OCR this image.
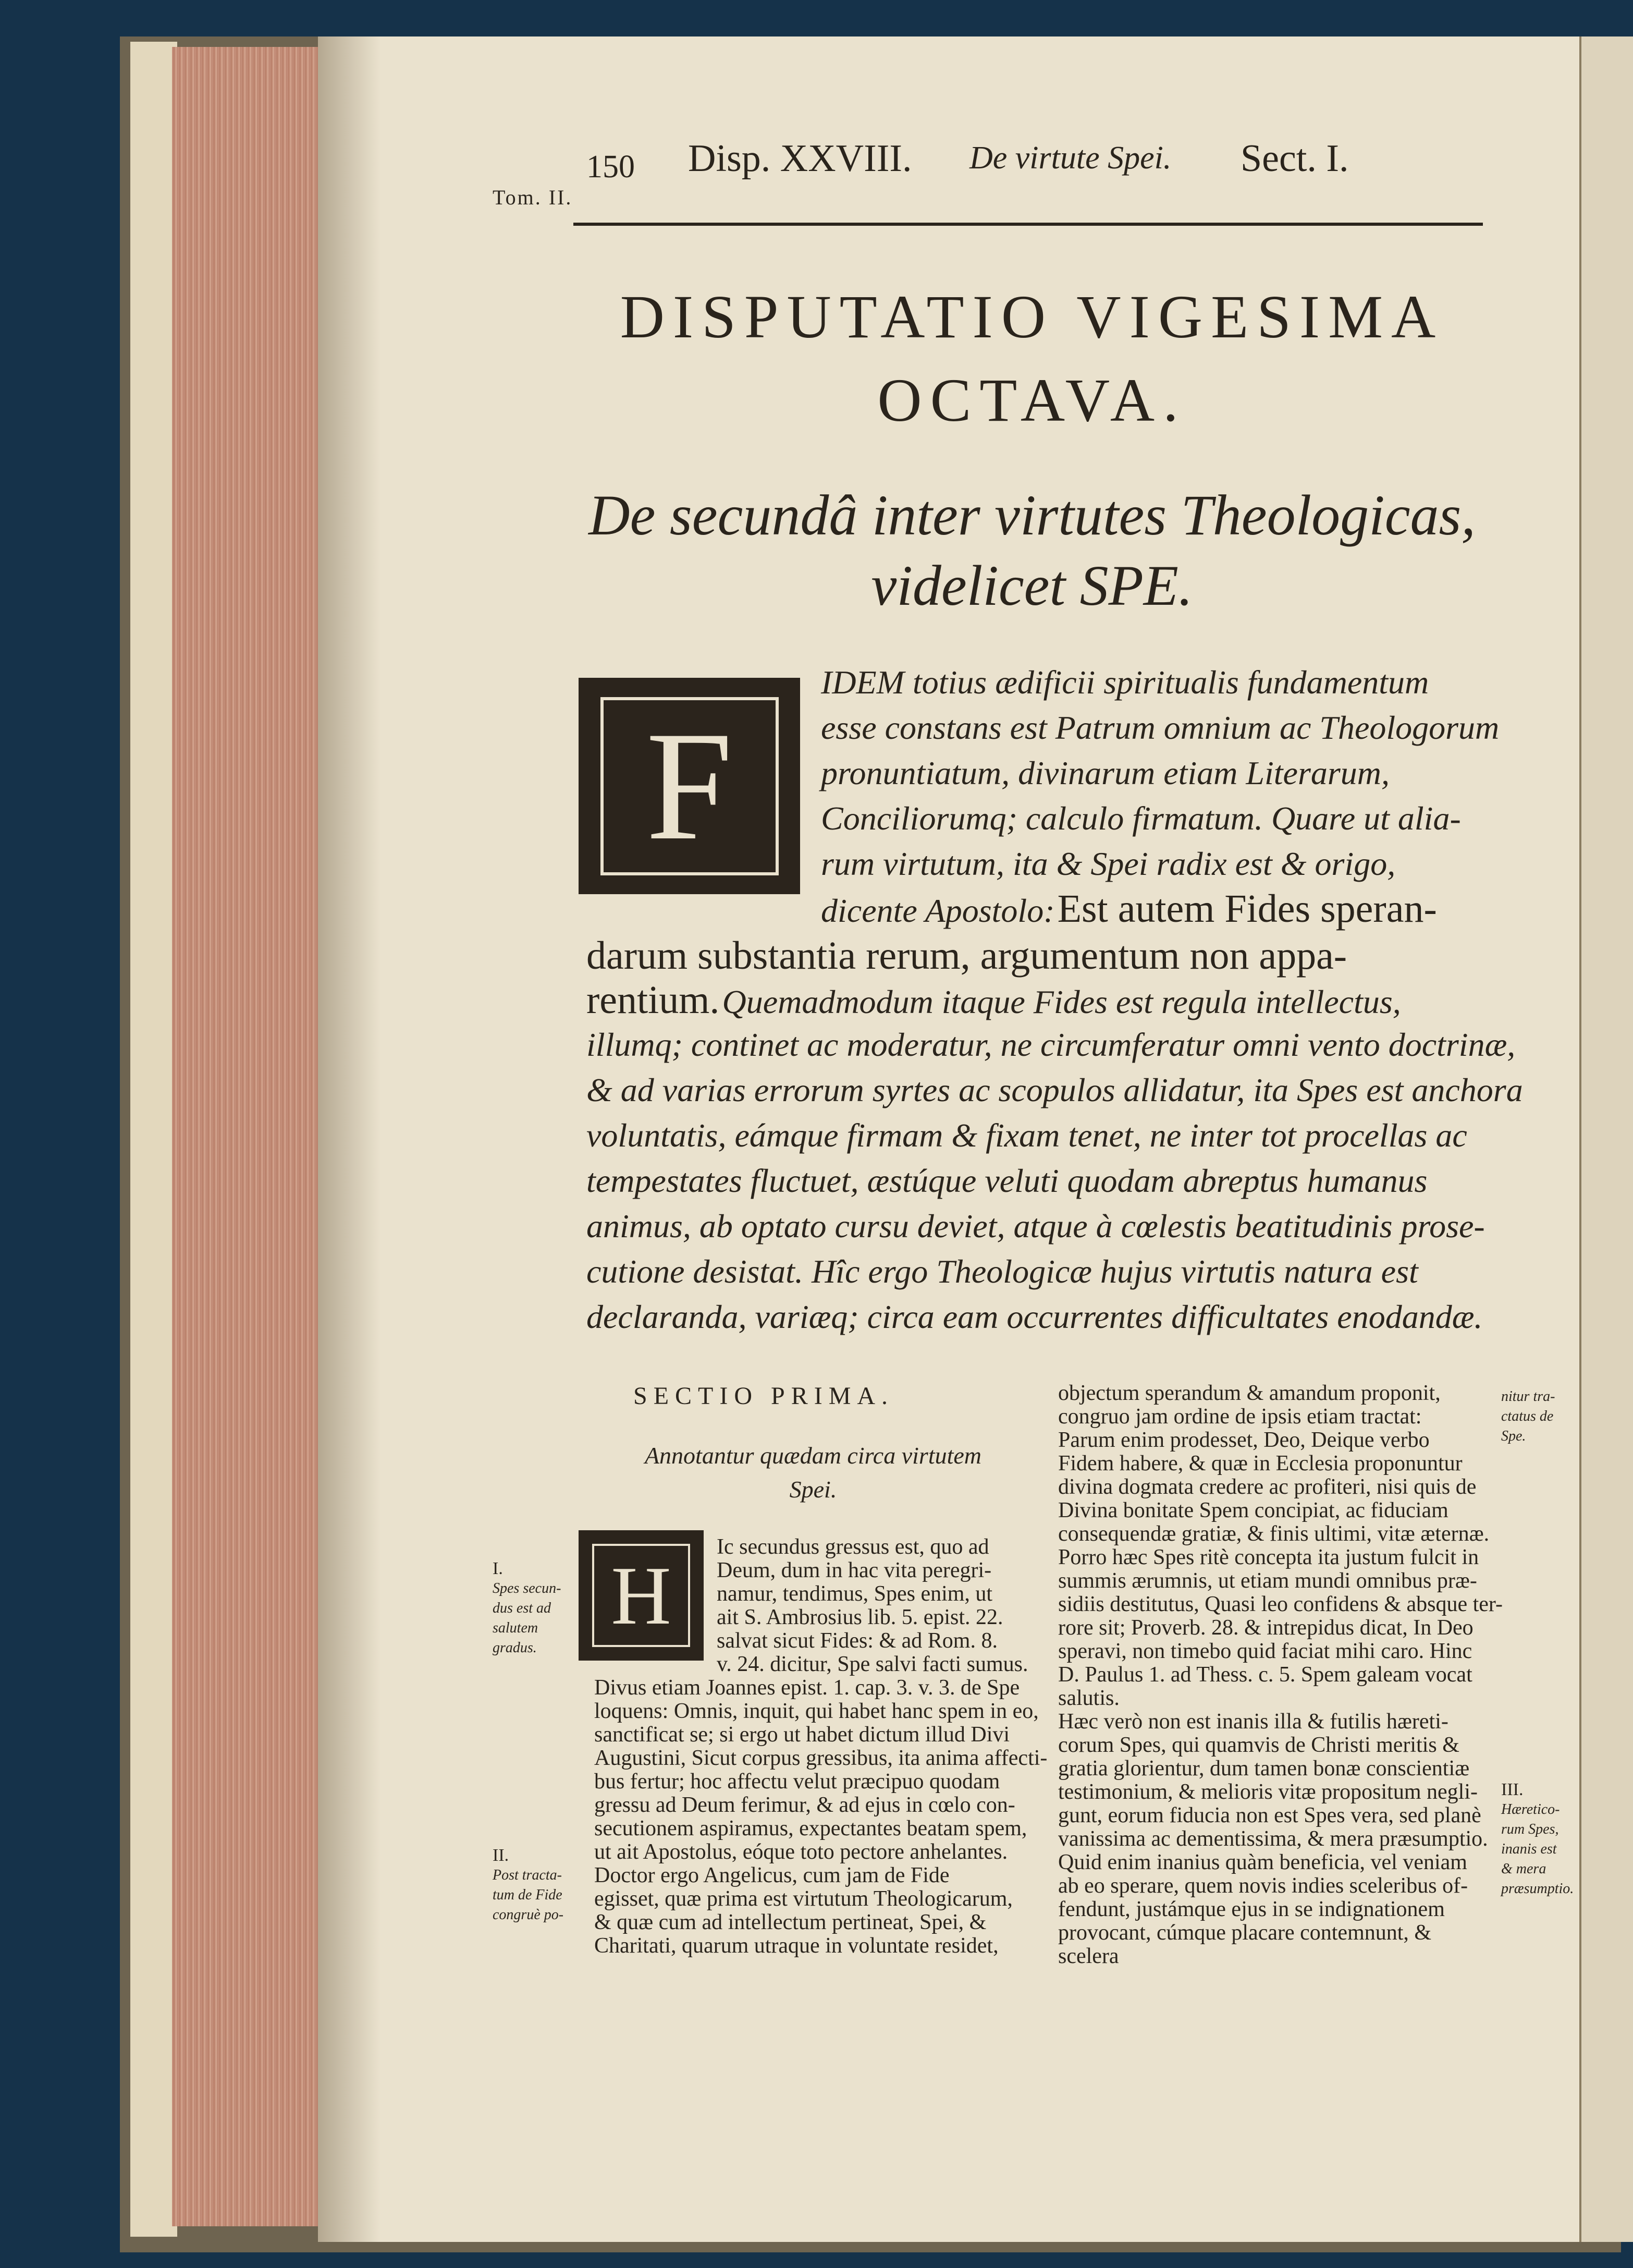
Tom. II.
150 Disp. XXVIII. De virtute Spei. Sect. I.
DISPUTATIO VIGESIMA
OCTAVA.
De secundâ inter virtutes Theologicas,
videlicet SPE.
F
IDEM totius ædificii spiritualis fundamentum
esse constans est Patrum omnium ac Theologorum
pronuntiatum, divinarum etiam Literarum,
Conciliorumq; calculo firmatum. Quare ut alia-
rum virtutum, ita & Spei radix est & origo,
dicente Apostolo: Est autem Fides speran-
darum substantia rerum, argumentum non appa-
rentium. Quemadmodum itaque Fides est regula intellectus,
illumq; continet ac moderatur, ne circumferatur omni vento doctrinæ,
& ad varias errorum syrtes ac scopulos allidatur, ita Spes est anchora
voluntatis, eámque firmam & fixam tenet, ne inter tot procellas ac
tempestates fluctuet, æstúque veluti quodam abreptus humanus
animus, ab optato cursu deviet, atque à cœlestis beatitudinis prose-
cutione desistat. Hîc ergo Theologicæ hujus virtutis natura est
declaranda, variæq; circa eam occurrentes difficultates enodandæ.
SECTIO PRIMA.
Annotantur quædam circa virtutem
Spei.
H
Ic secundus gressus est, quo ad
Deum, dum in hac vita peregri-
namur, tendimus, Spes enim, ut
ait S. Ambrosius lib. 5. epist. 22.
salvat sicut Fides: & ad Rom. 8.
v. 24. dicitur, Spe salvi facti sumus.
Divus etiam Joannes epist. 1. cap. 3. v. 3. de Spe
loquens: Omnis, inquit, qui habet hanc spem in eo,
sanctificat se; si ergo ut habet dictum illud Divi
Augustini, Sicut corpus gressibus, ita anima affecti-
bus fertur; hoc affectu velut præcipuo quodam
gressu ad Deum ferimur, & ad ejus in cœlo con-
secutionem aspiramus, expectantes beatam spem,
ut ait Apostolus, eóque toto pectore anhelantes.
Doctor ergo Angelicus, cum jam de Fide
egisset, quæ prima est virtutum Theologicarum,
& quæ cum ad intellectum pertineat, Spei, &
Charitati, quarum utraque in voluntate residet,
objectum sperandum & amandum proponit,
congruo jam ordine de ipsis etiam tractat:
Parum enim prodesset, Deo, Deique verbo
Fidem habere, & quæ in Ecclesia proponuntur
divina dogmata credere ac profiteri, nisi quis de
Divina bonitate Spem concipiat, ac fiduciam
consequendæ gratiæ, & finis ultimi, vitæ æternæ.
Porro hæc Spes ritè concepta ita justum fulcit in
summis ærumnis, ut etiam mundi omnibus præ-
sidiis destitutus, Quasi leo confidens & absque ter-
rore sit; Proverb. 28. & intrepidus dicat, In Deo
speravi, non timebo quid faciat mihi caro. Hinc
D. Paulus 1. ad Thess. c. 5. Spem galeam vocat
salutis.
Hæc verò non est inanis illa & futilis hæreti-
corum Spes, qui quamvis de Christi meritis &
gratia glorientur, dum tamen bonæ conscientiæ
testimonium, & melioris vitæ propositum negli-
gunt, eorum fiducia non est Spes vera, sed planè
vanissima ac dementissima, & mera præsumptio.
Quid enim inanius quàm beneficia, vel veniam
ab eo sperare, quem novis indies sceleribus of-
fendunt, justámque ejus in se indignationem
provocant, cúmque placare contemnunt, &
scelera
I.
Spes secun-
dus est ad
salutem
gradus.
II.
Post tracta-
tum de Fide
congruè po-
nitur tra-
ctatus de
Spe.
III.
Hæretico-
rum Spes,
inanis est
& mera
præsumptio.
